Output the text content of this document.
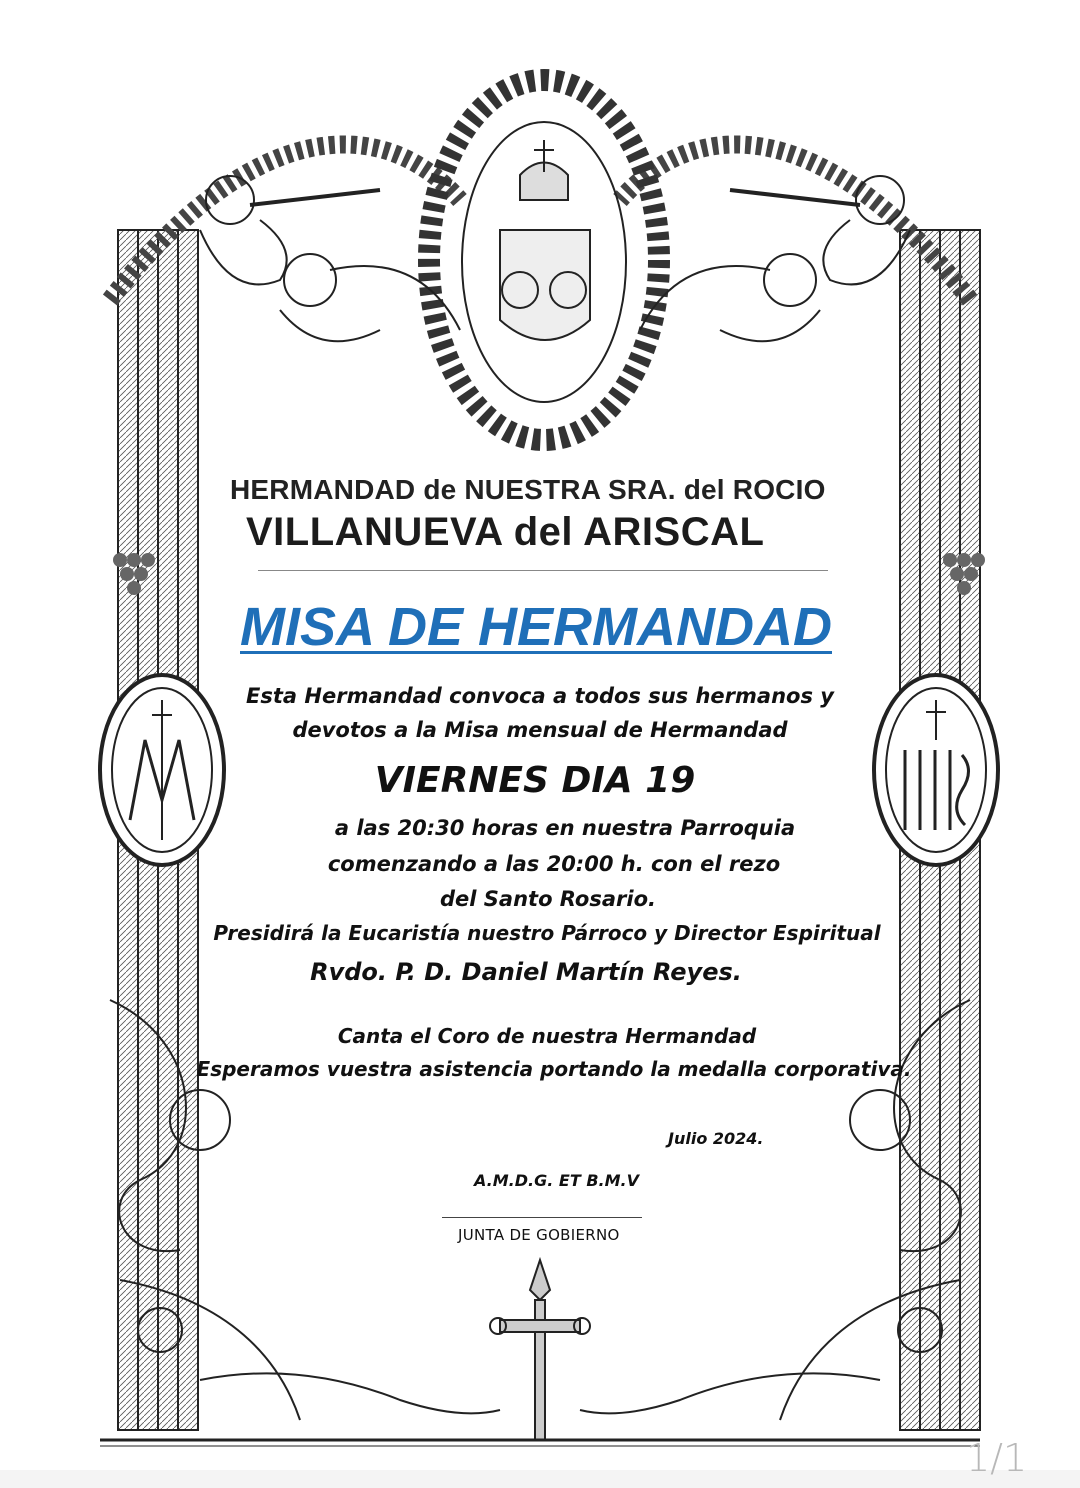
HERMANDAD de NUESTRA SRA. del ROCIO
VILLANUEVA del ARISCAL
MISA DE HERMANDAD
Esta Hermandad convoca a todos sus hermanos y
devotos a la Misa mensual de Hermandad
VIERNES DIA 19
a las 20:30 horas en nuestra Parroquia
comenzando a las 20:00 h. con el rezo
del Santo Rosario.
Presidirá la Eucaristía nuestro Párroco y Director Espiritual
Rvdo. P. D. Daniel Martín Reyes.
Canta el Coro de nuestra Hermandad
Esperamos vuestra asistencia portando la medalla corporativa.
Julio 2024.
A.M.D.G. ET B.M.V
JUNTA DE GOBIERNO
1/1
